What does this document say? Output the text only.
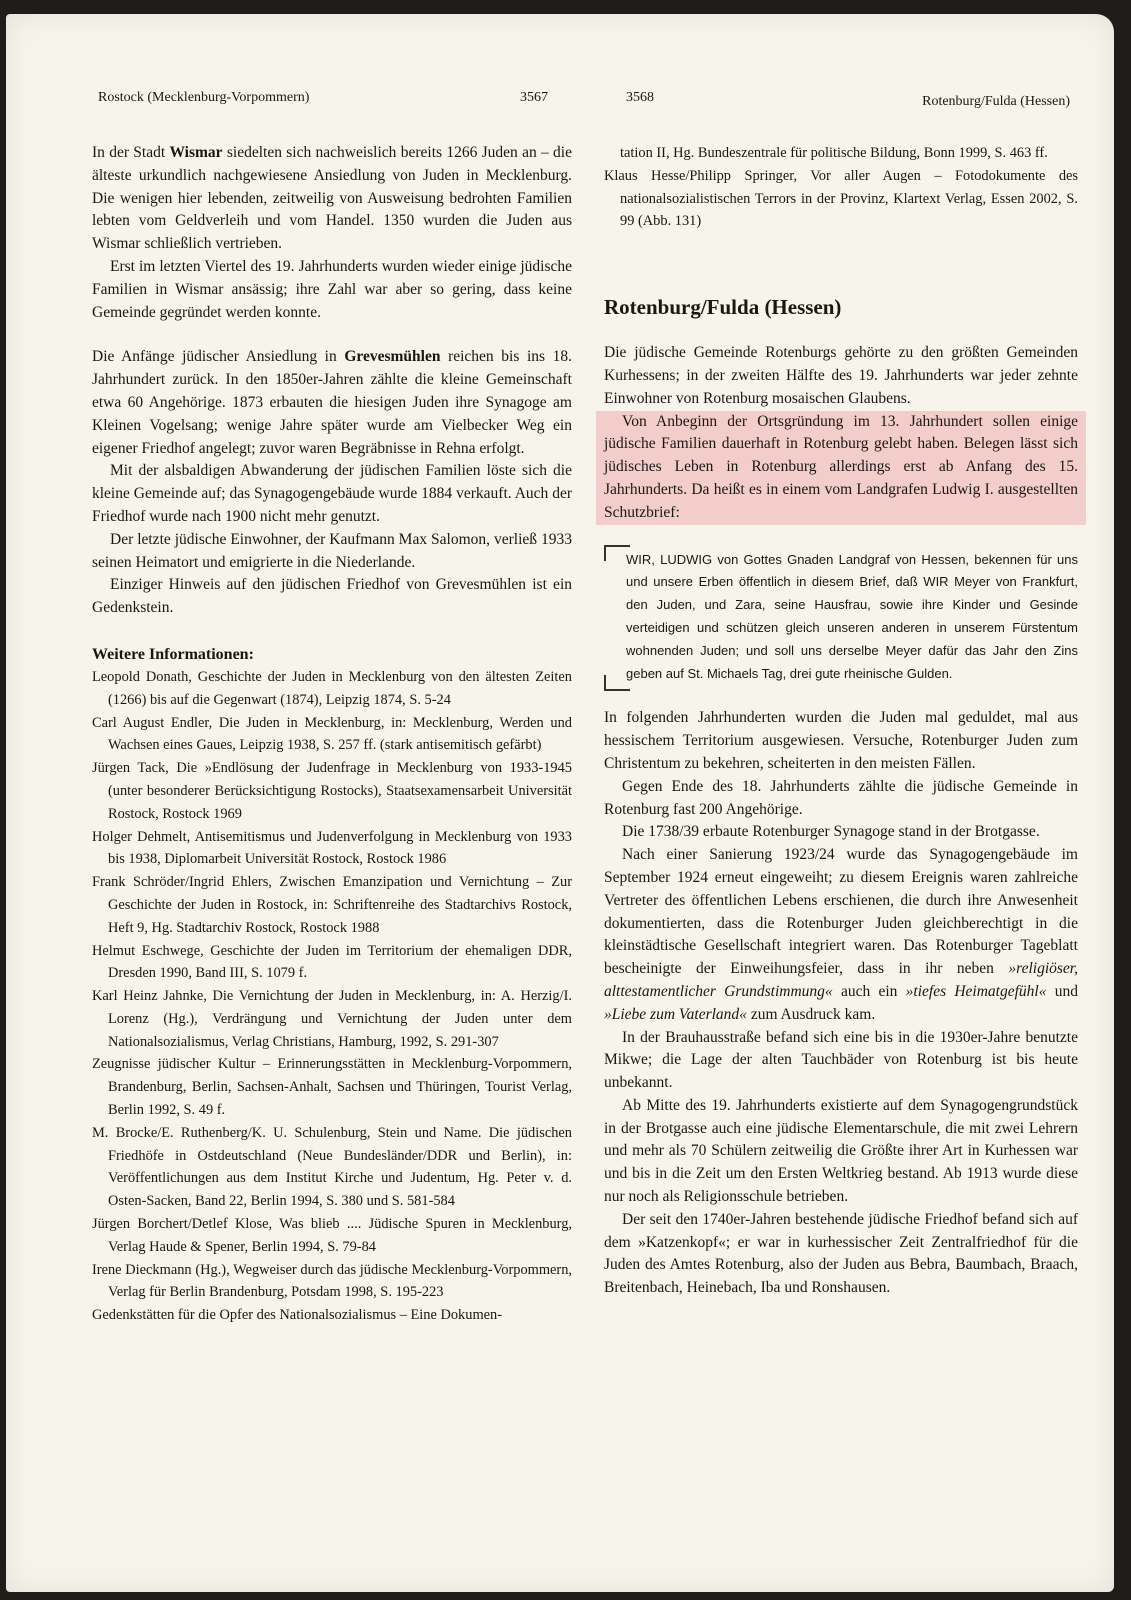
Rostock (Mecklenburg-Vorpommern)	3567	3568	Rotenburg/Fulda (Hessen)

In der Stadt Wismar siedelten sich nachweislich bereits 1266 Juden an – die älteste urkundlich nachgewiesene Ansiedlung von Juden in Mecklenburg. Die wenigen hier lebenden, zeitweilig von Ausweisung bedrohten Familien lebten vom Geldverleih und vom Handel. 1350 wurden die Juden aus Wismar schließlich vertrieben.

Erst im letzten Viertel des 19. Jahrhunderts wurden wieder einige jüdische Familien in Wismar ansässig; ihre Zahl war aber so gering, dass keine Gemeinde gegründet werden konnte.

Die Anfänge jüdischer Ansiedlung in Grevesmühlen reichen bis ins 18. Jahrhundert zurück. In den 1850er-Jahren zählte die kleine Gemeinschaft etwa 60 Angehörige. 1873 erbauten die hiesigen Juden ihre Synagoge am Kleinen Vogelsang; wenige Jahre später wurde am Vielbecker Weg ein eigener Friedhof angelegt; zuvor waren Begräbnisse in Rehna erfolgt.

Mit der alsbaldigen Abwanderung der jüdischen Familien löste sich die kleine Gemeinde auf; das Synagogengebäude wurde 1884 verkauft. Auch der Friedhof wurde nach 1900 nicht mehr genutzt.

Der letzte jüdische Einwohner, der Kaufmann Max Salomon, verließ 1933 seinen Heimatort und emigrierte in die Niederlande.

Einziger Hinweis auf den jüdischen Friedhof von Grevesmühlen ist ein Gedenkstein.

Weitere Informationen:

Leopold Donath, Geschichte der Juden in Mecklenburg von den ältesten Zeiten (1266) bis auf die Gegenwart (1874), Leipzig 1874, S. 5-24

Carl August Endler, Die Juden in Mecklenburg, in: Mecklenburg, Werden und Wachsen eines Gaues, Leipzig 1938, S. 257 ff. (stark antisemitisch gefärbt)

Jürgen Tack, Die »Endlösung der Judenfrage in Mecklenburg von 1933-1945 (unter besonderer Berücksichtigung Rostocks), Staatsexamensarbeit Universität Rostock, Rostock 1969

Holger Dehmelt, Antisemitismus und Judenverfolgung in Mecklenburg von 1933 bis 1938, Diplomarbeit Universität Rostock, Rostock 1986

Frank Schröder/Ingrid Ehlers, Zwischen Emanzipation und Vernichtung – Zur Geschichte der Juden in Rostock, in: Schriftenreihe des Stadtarchivs Rostock, Heft 9, Hg. Stadtarchiv Rostock, Rostock 1988

Helmut Eschwege, Geschichte der Juden im Territorium der ehemaligen DDR, Dresden 1990, Band III, S. 1079 f.

Karl Heinz Jahnke, Die Vernichtung der Juden in Mecklenburg, in: A. Herzig/I. Lorenz (Hg.), Verdrängung und Vernichtung der Juden unter dem Nationalsozialismus, Verlag Christians, Hamburg, 1992, S. 291-307

Zeugnisse jüdischer Kultur – Erinnerungsstätten in Mecklenburg-Vorpommern, Brandenburg, Berlin, Sachsen-Anhalt, Sachsen und Thüringen, Tourist Verlag, Berlin 1992, S. 49 f.

M. Brocke/E. Ruthenberg/K. U. Schulenburg, Stein und Name. Die jüdischen Friedhöfe in Ostdeutschland (Neue Bundesländer/DDR und Berlin), in: Veröffentlichungen aus dem Institut Kirche und Judentum, Hg. Peter v. d. Osten-Sacken, Band 22, Berlin 1994, S. 380 und S. 581-584

Jürgen Borchert/Detlef Klose, Was blieb .... Jüdische Spuren in Mecklenburg, Verlag Haude & Spener, Berlin 1994, S. 79-84

Irene Dieckmann (Hg.), Wegweiser durch das jüdische Mecklenburg-Vorpommern, Verlag für Berlin Brandenburg, Potsdam 1998, S. 195-223

Gedenkstätten für die Opfer des Nationalsozialismus – Eine Dokumen-

tation II, Hg. Bundeszentrale für politische Bildung, Bonn 1999, S. 463 ff.

Klaus Hesse/Philipp Springer, Vor aller Augen – Fotodokumente des nationalsozialistischen Terrors in der Provinz, Klartext Verlag, Essen 2002, S. 99 (Abb. 131)

Rotenburg/Fulda (Hessen)

Die jüdische Gemeinde Rotenburgs gehörte zu den größten Gemeinden Kurhessens; in der zweiten Hälfte des 19. Jahrhunderts war jeder zehnte Einwohner von Rotenburg mosaischen Glaubens.

Von Anbeginn der Ortsgründung im 13. Jahrhundert sollen einige jüdische Familien dauerhaft in Rotenburg gelebt haben. Belegen lässt sich jüdisches Leben in Rotenburg allerdings erst ab Anfang des 15. Jahrhunderts. Da heißt es in einem vom Landgrafen Ludwig I. ausgestellten Schutzbrief:

WIR, LUDWIG von Gottes Gnaden Landgraf von Hessen, bekennen für uns und unsere Erben öffentlich in diesem Brief, daß WIR Meyer von Frankfurt, den Juden, und Zara, seine Hausfrau, sowie ihre Kinder und Gesinde verteidigen und schützen gleich unseren anderen in unserem Fürstentum wohnenden Juden; und soll uns derselbe Meyer dafür das Jahr den Zins geben auf St. Michaels Tag, drei gute rheinische Gulden.

In folgenden Jahrhunderten wurden die Juden mal geduldet, mal aus hessischem Territorium ausgewiesen. Versuche, Rotenburger Juden zum Christentum zu bekehren, scheiterten in den meisten Fällen.

Gegen Ende des 18. Jahrhunderts zählte die jüdische Gemeinde in Rotenburg fast 200 Angehörige.

Die 1738/39 erbaute Rotenburger Synagoge stand in der Brotgasse.

Nach einer Sanierung 1923/24 wurde das Synagogengebäude im September 1924 erneut eingeweiht; zu diesem Ereignis waren zahlreiche Vertreter des öffentlichen Lebens erschienen, die durch ihre Anwesenheit dokumentierten, dass die Rotenburger Juden gleichberechtigt in die kleinstädtische Gesellschaft integriert waren. Das Rotenburger Tageblatt bescheinigte der Einweihungsfeier, dass in ihr neben »religiöser, alttestamentlicher Grundstimmung« auch ein »tiefes Heimatgefühl« und »Liebe zum Vaterland« zum Ausdruck kam.

In der Brauhausstraße befand sich eine bis in die 1930er-Jahre benutzte Mikwe; die Lage der alten Tauchbäder von Rotenburg ist bis heute unbekannt.

Ab Mitte des 19. Jahrhunderts existierte auf dem Synagogengrundstück in der Brotgasse auch eine jüdische Elementarschule, die mit zwei Lehrern und mehr als 70 Schülern zeitweilig die Größte ihrer Art in Kurhessen war und bis in die Zeit um den Ersten Weltkrieg bestand. Ab 1913 wurde diese nur noch als Religionsschule betrieben.

Der seit den 1740er-Jahren bestehende jüdische Friedhof befand sich auf dem »Katzenkopf«; er war in kurhessischer Zeit Zentralfriedhof für die Juden des Amtes Rotenburg, also der Juden aus Bebra, Baumbach, Braach, Breitenbach, Heinebach, Iba und Ronshausen.
